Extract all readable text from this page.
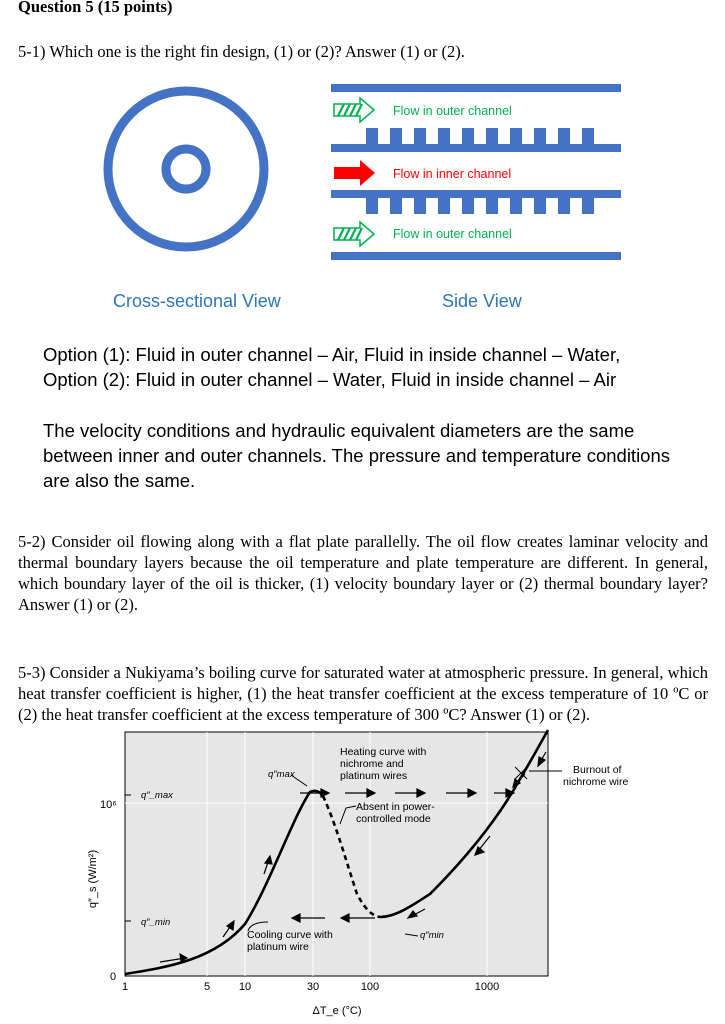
Question 5 (15 points)
5-1) Which one is the right fin design, (1) or (2)? Answer (1) or (2).
Flow in outer channel
Flow in inner channel
Flow in outer channel
Cross-sectional View	Side View
Option (1): Fluid in outer channel – Air, Fluid in inside channel – Water,
Option (2): Fluid in outer channel – Water, Fluid in inside channel – Air
The velocity conditions and hydraulic equivalent diameters are the same between inner and outer channels. The pressure and temperature conditions are also the same.
5-2) Consider oil flowing along with a flat plate parallelly. The oil flow creates laminar velocity and thermal boundary layers because the oil temperature and plate temperature are different. In general, which boundary layer of the oil is thicker, (1) velocity boundary layer or (2) thermal boundary layer? Answer (1) or (2).
5-3) Consider a Nukiyama’s boiling curve for saturated water at atmospheric pressure. In general, which heat transfer coefficient is higher, (1) the heat transfer coefficient at the excess temperature of 10 ºC or (2) the heat transfer coefficient at the excess temperature of 300 ºC? Answer (1) or (2).
10⁶
0
q″_max
q″_min
q″_s (W/m²)
1	5	10	30	100	1000
ΔT_e (°C)
Heating curve with nichrome and platinum wires
q″max
Absent in power- controlled mode
Cooling curve with platinum wire
q″min
Burnout of nichrome wire
